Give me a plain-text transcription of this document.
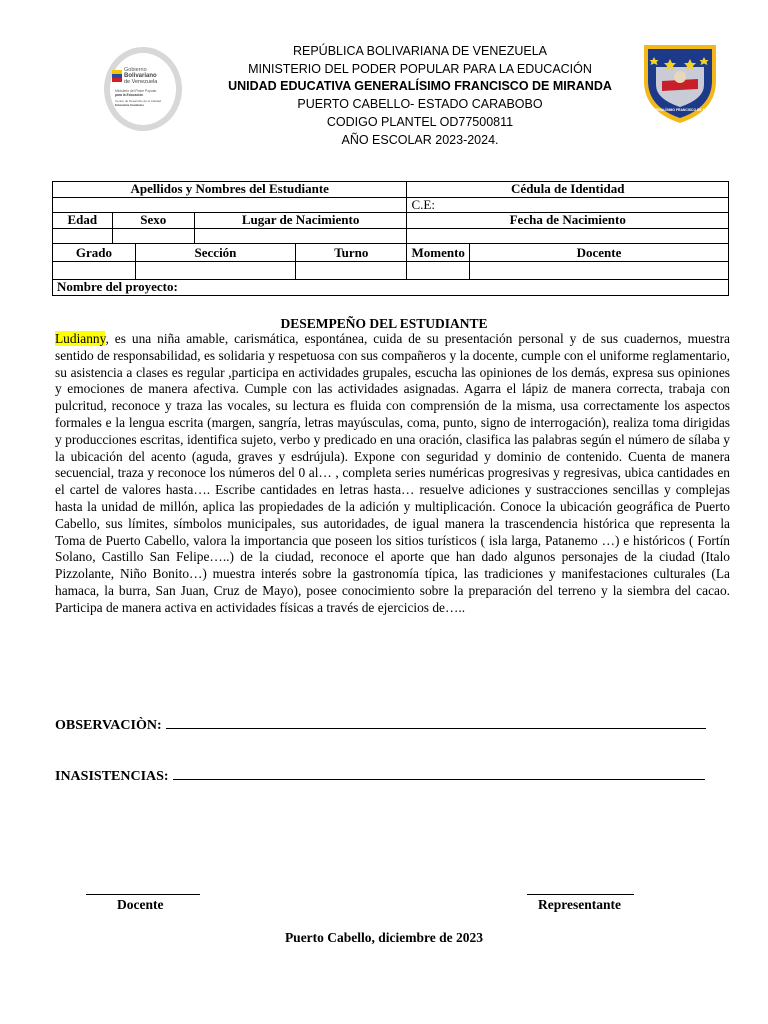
Gobierno
Bolivariano
de Venezuela
Ministerio del Poder Popular
para la Educación
Centro de Desarrollo de la Calidad
Educativa Carabobo
U.E. GENERALÍSIMO FRANCISCO DE MIRANDA
REPÚBLICA BOLIVARIANA DE VENEZUELA
MINISTERIO DEL PODER POPULAR PARA LA EDUCACIÓN
UNIDAD EDUCATIVA GENERALÍSIMO FRANCISCO DE MIRANDA
PUERTO CABELLO- ESTADO CARABOBO
CODIGO PLANTEL OD77500811
AÑO ESCOLAR 2023-2024.
Apellidos y Nombres del Estudiante					Cédula de Identidad	
					C.E:	
Edad	Sexo		Lugar de Nacimiento		Fecha de Nacimiento	

Grado		Sección		Turno	Momento	Docente

Nombre del proyecto:						
DESEMPEÑO DEL ESTUDIANTE
Ludianny, es una niña amable, carismática, espontánea, cuida de su presentación personal y de sus cuadernos, muestra sentido de responsabilidad, es solidaria y respetuosa con sus compañeros y la docente, cumple con el uniforme reglamentario, su asistencia a clases es regular ,participa en actividades grupales, escucha las opiniones de los demás, expresa sus opiniones y emociones de manera afectiva. Cumple con las actividades asignadas. Agarra el lápiz de manera correcta, trabaja con pulcritud, reconoce y traza las vocales, su lectura es fluida con comprensión de la misma, usa correctamente los aspectos formales e la lengua escrita (margen, sangría, letras mayúsculas, coma, punto, signo de interrogación), realiza toma dirigidas y producciones escritas, identifica sujeto, verbo y predicado en una oración, clasifica las palabras según el número de sílaba y la ubicación del acento (aguda, graves y esdrújula). Expone con seguridad y dominio de contenido. Cuenta de manera secuencial, traza y reconoce los números del 0 al… , completa series numéricas progresivas y regresivas, ubica cantidades en el cartel de valores hasta…. Escribe cantidades en letras hasta… resuelve adiciones y sustracciones sencillas y complejas hasta la unidad de millón, aplica las propiedades de la adición y multiplicación. Conoce la ubicación geográfica de Puerto Cabello, sus límites, símbolos municipales, sus autoridades, de igual manera la trascendencia histórica que representa la Toma de Puerto Cabello, valora la importancia que poseen los sitios turísticos ( isla larga, Patanemo …) e históricos ( Fortín Solano, Castillo San Felipe…..) de la ciudad, reconoce el aporte que han dado algunos personajes de la ciudad (Italo Pizzolante, Niño Bonito…) muestra interés sobre la gastronomía típica, las tradiciones y manifestaciones culturales (La hamaca, la burra, San Juan, Cruz de Mayo), posee conocimiento sobre la preparación del terreno y la siembra del cacao. Participa de manera activa en actividades físicas a través de ejercicios de…..
OBSERVACIÒN:
INASISTENCIAS:
Docente	Representante
Puerto Cabello, diciembre de 2023
